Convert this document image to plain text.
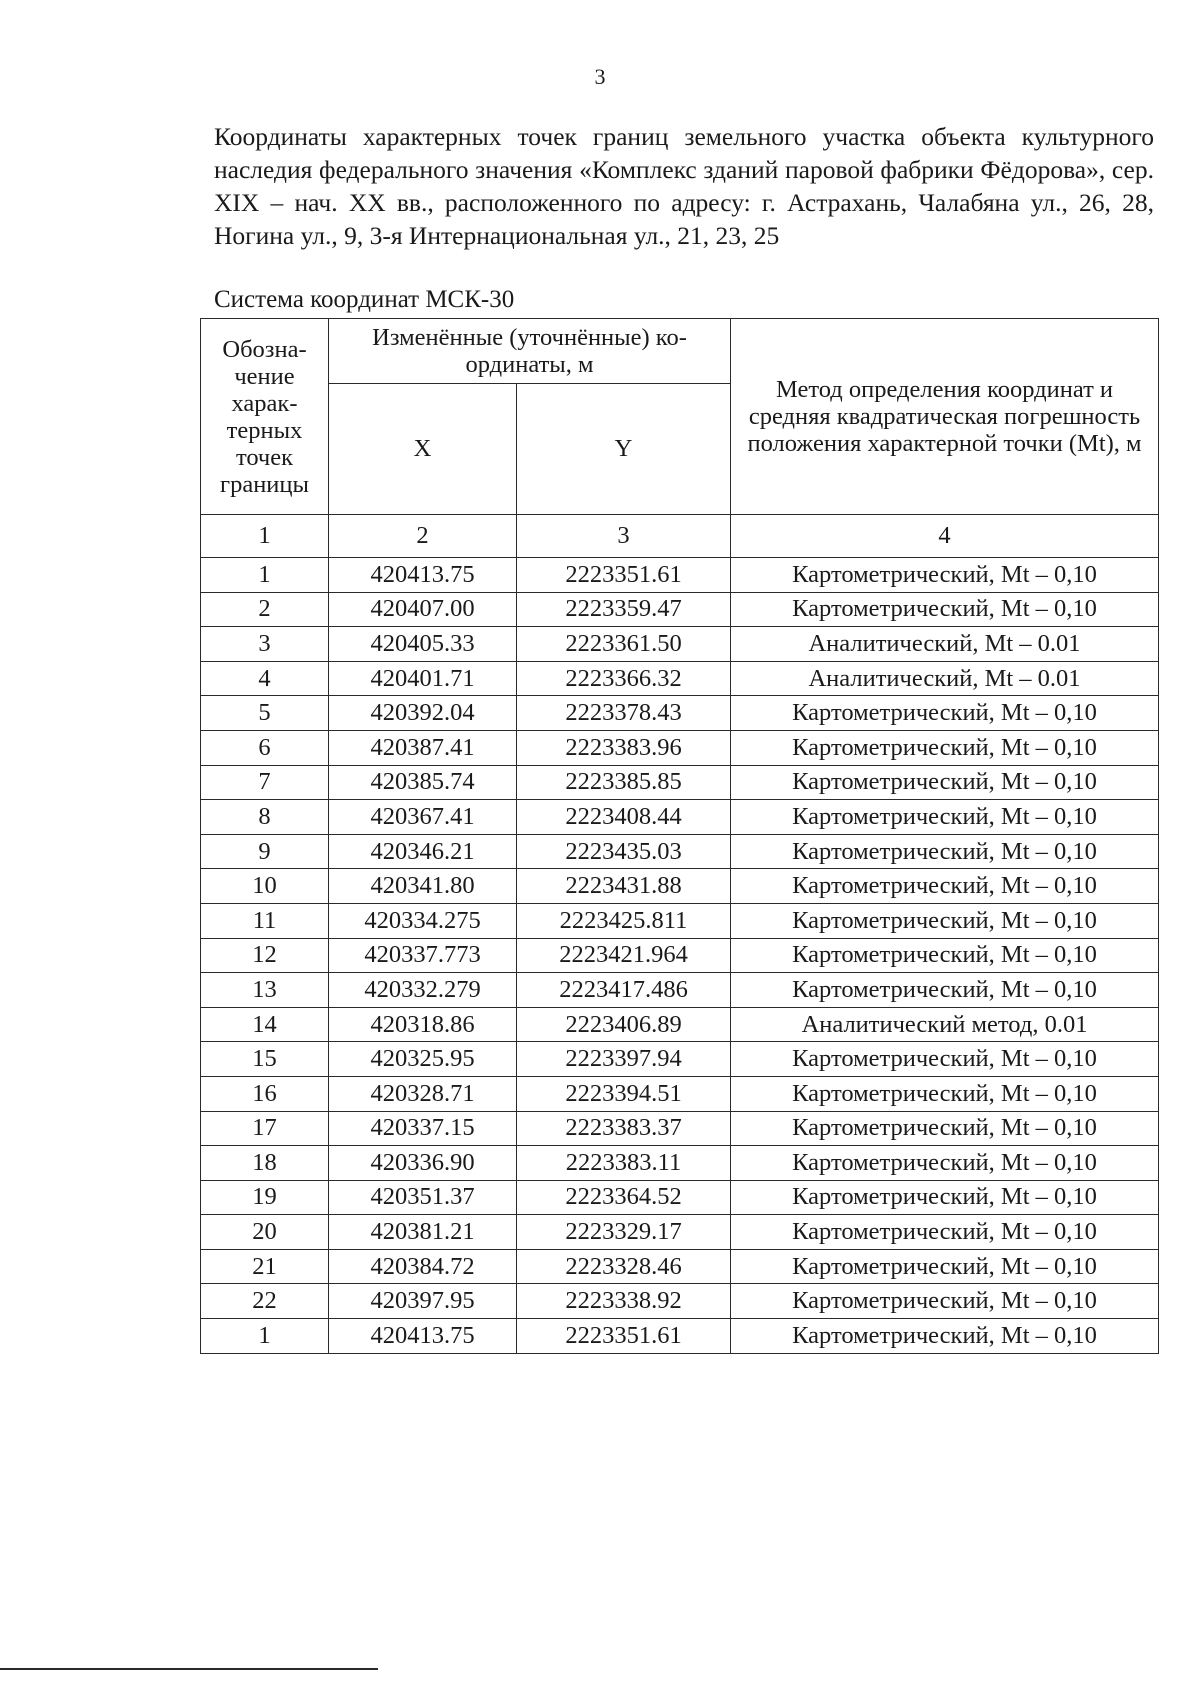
3
Координаты характерных точек границ земельного участка объекта культурного наследия федерального значения «Комплекс зданий паровой фабрики Фёдорова», сер. XIX – нач. XX вв., расположенного по адресу: г. Астрахань, Чалабяна ул., 26, 28, Ногина ул., 9, 3-я Интернациональная ул., 21, 23, 25
Система координат МСК-30
Обозна-чение харак-терных точек границы	Изменённые (уточнённые) ко-ординаты, м		Метод определения координат и средняя квадратическая погрешность положения характерной точки (Mt), м

	X	Y	
1	2	3	4
1	420413.75	2223351.61	Картометрический, Mt – 0,10
2	420407.00	2223359.47	Картометрический, Mt – 0,10
3	420405.33	2223361.50	Аналитический, Mt – 0.01
4	420401.71	2223366.32	Аналитический, Mt – 0.01
5	420392.04	2223378.43	Картометрический, Mt – 0,10
6	420387.41	2223383.96	Картометрический, Mt – 0,10
7	420385.74	2223385.85	Картометрический, Mt – 0,10
8	420367.41	2223408.44	Картометрический, Mt – 0,10
9	420346.21	2223435.03	Картометрический, Mt – 0,10
10	420341.80	2223431.88	Картометрический, Mt – 0,10
11	420334.275	2223425.811	Картометрический, Mt – 0,10
12	420337.773	2223421.964	Картометрический, Mt – 0,10
13	420332.279	2223417.486	Картометрический, Mt – 0,10
14	420318.86	2223406.89	Аналитический метод, 0.01
15	420325.95	2223397.94	Картометрический, Mt – 0,10
16	420328.71	2223394.51	Картометрический, Mt – 0,10
17	420337.15	2223383.37	Картометрический, Mt – 0,10
18	420336.90	2223383.11	Картометрический, Mt – 0,10
19	420351.37	2223364.52	Картометрический, Mt – 0,10
20	420381.21	2223329.17	Картометрический, Mt – 0,10
21	420384.72	2223328.46	Картометрический, Mt – 0,10
22	420397.95	2223338.92	Картометрический, Mt – 0,10
1	420413.75	2223351.61	Картометрический, Mt – 0,10
